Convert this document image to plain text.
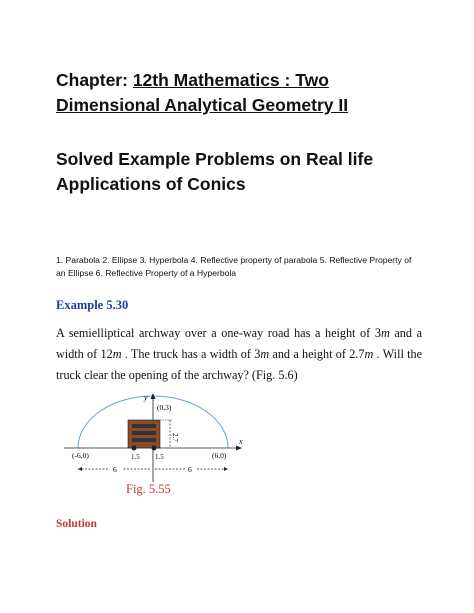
Chapter: 12th Mathematics : Two
Dimensional Analytical Geometry II
Solved Example Problems on Real life
Applications of Conics
1. Parabola 2. Ellipse 3. Hyperbola 4. Reflective property of parabola 5. Reflective Property of
an Ellipse 6. Reflective Property of a Hyperbola
Example 5.30
A semielliptical archway over a one-way road has a height of 3m and a width of 12m . The truck has a width of 3m and a height of 2.7m . Will the truck clear the opening of the archway? (Fig. 5.6)
x
y
2.7
(0,3)
(-6,0)	(6,0)
1.5 1.5
6	6
Fig. 5.55
Solution
